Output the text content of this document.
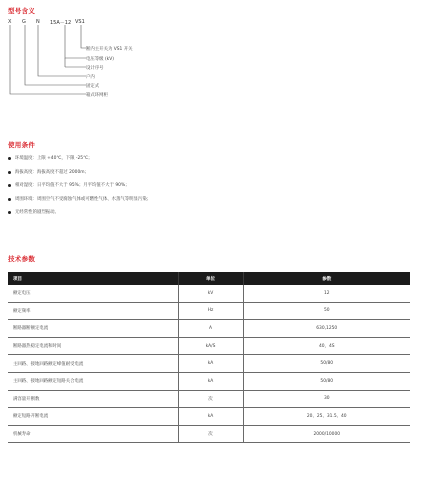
型号含义
X G N 15A－12 VS1
断内主开关为 VS1 开关
电压等级 (kV)
设计序号
户内
固定式
箱式环网柜
使用条件
环境温度：上限 +40℃，下限 -25℃；
海拔高度：海拔高度不超过 2000m；
相对湿度：日平均值不大于 95%；月平均值不大于 90%；
周围环境：周围空气不受腐蚀气体或可燃性气体、水蒸气等明显污染；
无经常性的剧烈振动。
技术参数
项目	单位	参数
额定电压	kV	12
额定频率	Hz	50
断路器断额定电流	A	630,1250
断路器热稳定电流和时间	kA/S	40，4S
主回路、接地回路额定峰值耐受电流	kA	50/80
主回路、接地回路额定短路关合电流	kA	50/80
满容量开断数	次	30
额定短路开断电流	kA	20、25、31.5、40
机械寿命	次	2000/10000
